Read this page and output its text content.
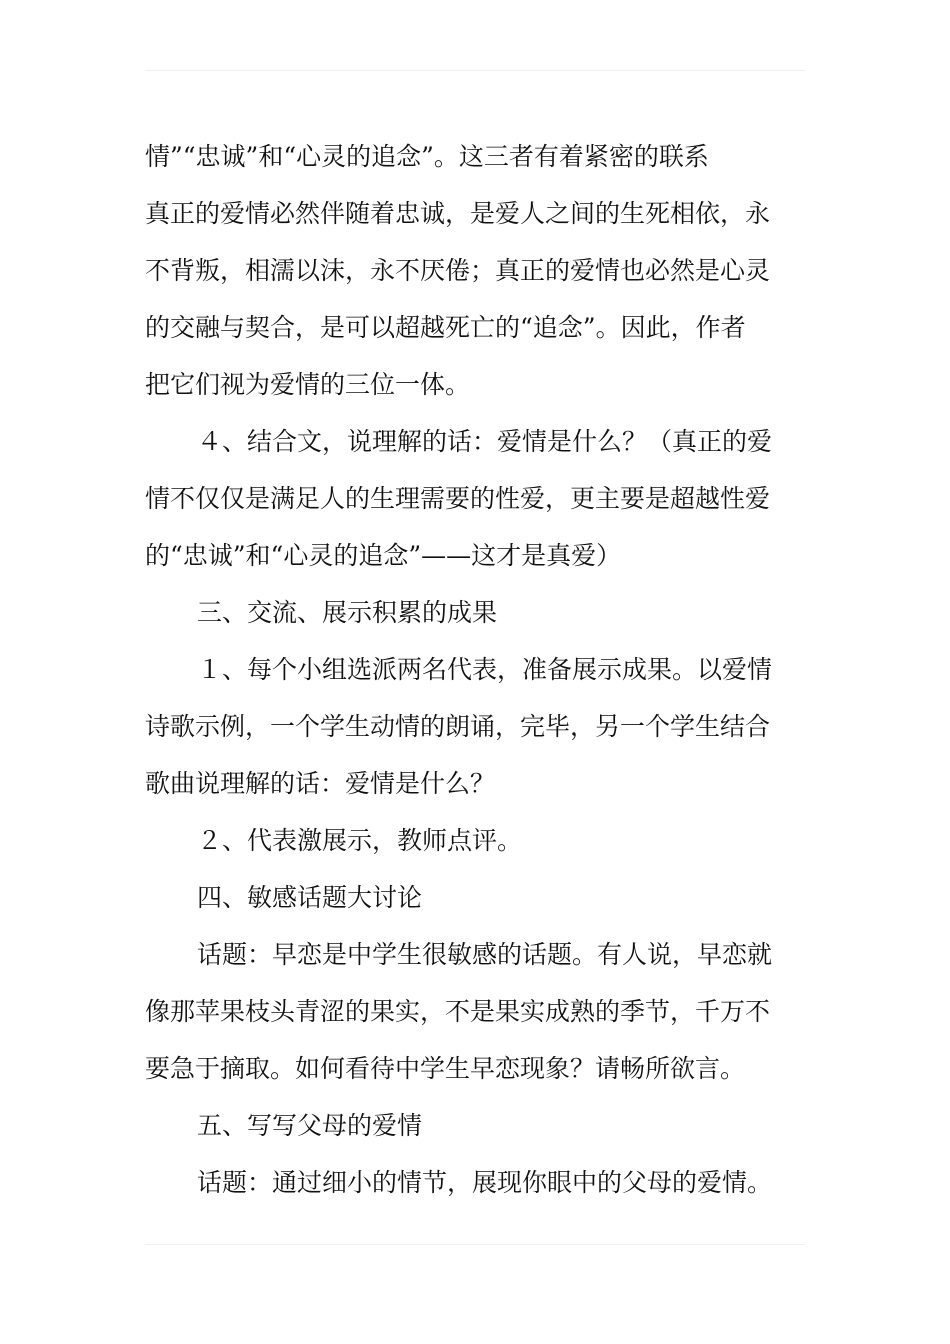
情”“忠诚”和“心灵的追念”。这三者有着紧密的联系
真正的爱情必然伴随着忠诚，是爱人之间的生死相依，永
不背叛，相濡以沫，永不厌倦；真正的爱情也必然是心灵
的交融与契合，是可以超越死亡的“追念”。因此，作者
把它们视为爱情的三位一体。
４、结合文，说理解的话：爱情是什么？（真正的爱
情不仅仅是满足人的生理需要的性爱，更主要是超越性爱
的“忠诚”和“心灵的追念”——这才是真爱）
三、交流、展示积累的成果
１、每个小组选派两名代表，准备展示成果。以爱情
诗歌示例，一个学生动情的朗诵，完毕，另一个学生结合
歌曲说理解的话：爱情是什么？
２、代表激展示，教师点评。
四、敏感话题大讨论
话题：早恋是中学生很敏感的话题。有人说，早恋就
像那苹果枝头青涩的果实，不是果实成熟的季节，千万不
要急于摘取。如何看待中学生早恋现象？请畅所欲言。
五、写写父母的爱情
话题：通过细小的情节，展现你眼中的父母的爱情。
